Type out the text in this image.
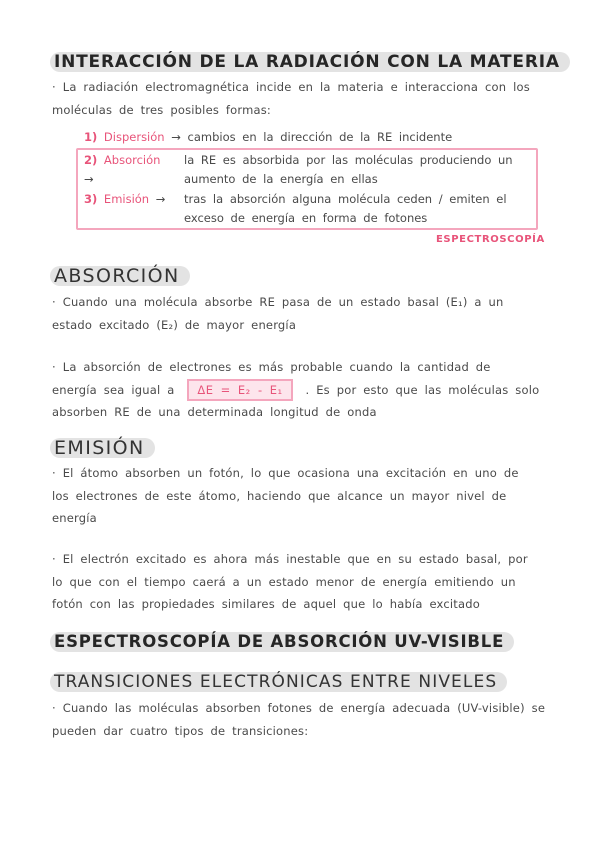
INTERACCIÓN DE LA RADIACIÓN CON LA MATERIA

· La radiación electromagnética incide en la materia e interacciona con los moléculas de tres posibles formas:

1) Dispersión → cambios en la dirección de la RE incidente
2) Absorción →
la RE es absorbida por las moléculas produciendo un aumento de la energía en ellas
3) Emisión →	tras la absorción alguna molécula ceden / emiten el exceso de energía en forma de fotones
ESPECTROSCOPÍA
ABSORCIÓN

· Cuando una molécula absorbe RE pasa de un estado basal (E₁) a un estado excitado (E₂) de mayor energía

· La absorción de electrones es más probable cuando la cantidad de energía sea igual a ΔE = E₂ - E₁ . Es por esto que las moléculas solo absorben RE de una determinada longitud de onda

EMISIÓN

· El átomo absorben un fotón, lo que ocasiona una excitación en uno de los electrones de este átomo, haciendo que alcance un mayor nivel de energía

· El electrón excitado es ahora más inestable que en su estado basal, por lo que con el tiempo caerá a un estado menor de energía emitiendo un fotón con las propiedades similares de aquel que lo había excitado

ESPECTROSCOPÍA DE ABSORCIÓN UV-VISIBLE
TRANSICIONES ELECTRÓNICAS ENTRE NIVELES

· Cuando las moléculas absorben fotones de energía adecuada (UV-visible) se pueden dar cuatro tipos de transiciones:
